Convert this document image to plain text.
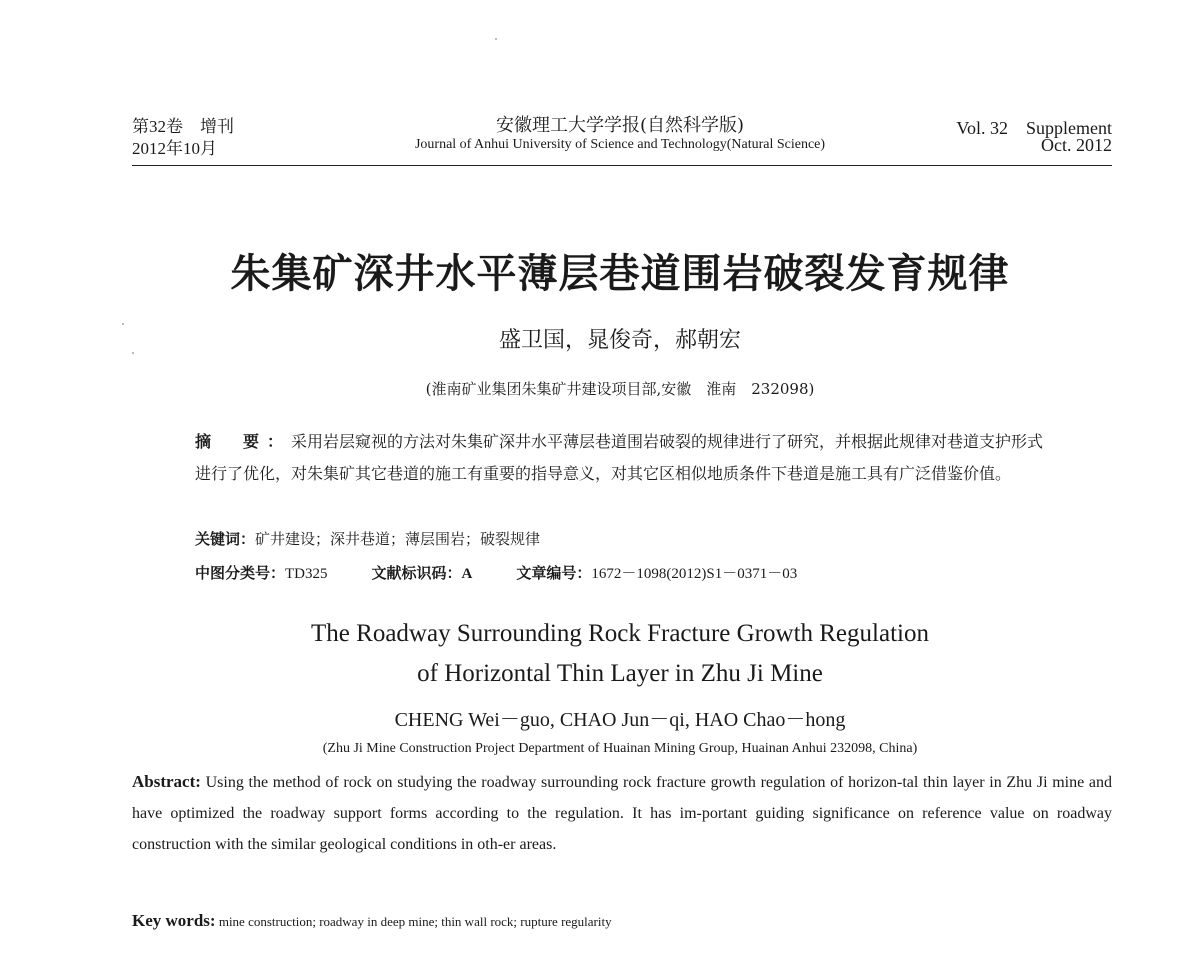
第32卷　增刊
2012年10月
安徽理工大学学报(自然科学版)
Journal of Anhui University of Science and Technology(Natural Science)
Vol. 32　Supplement
Oct. 2012
朱集矿深井水平薄层巷道围岩破裂发育规律
盛卫国，晁俊奇，郝朝宏
(淮南矿业集团朱集矿井建设项目部,安徽　淮南　232098)
摘　要：采用岩层窥视的方法对朱集矿深井水平薄层巷道围岩破裂的规律进行了研究，并根据此规律对巷道支护形式进行了优化，对朱集矿其它巷道的施工有重要的指导意义，对其它区相似地质条件下巷道是施工具有广泛借鉴价值。
关键词：矿井建设；深井巷道；薄层围岩；破裂规律
中图分类号：TD325	文献标识码：A	文章编号：1672－1098(2012)S1－0371－03
The Roadway Surrounding Rock Fracture Growth Regulation
of Horizontal Thin Layer in Zhu Ji Mine
CHENG Wei－guo, CHAO Jun－qi, HAO Chao－hong
(Zhu Ji Mine Construction Project Department of Huainan Mining Group, Huainan Anhui 232098, China)
Abstract: Using the method of rock on studying the roadway surrounding rock fracture growth regulation of horizon-tal thin layer in Zhu Ji mine and have optimized the roadway support forms according to the regulation. It has im-portant guiding significance on reference value on roadway construction with the similar geological conditions in oth-er areas.
Key words: mine construction; roadway in deep mine; thin wall rock; rupture regularity
